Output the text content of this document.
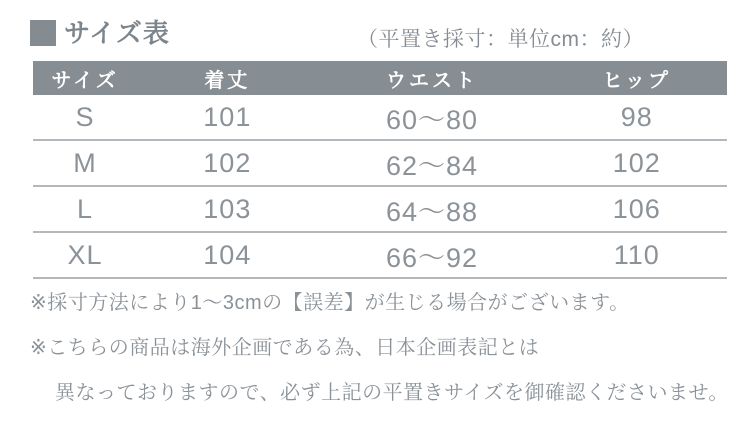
サイズ表	（平置き採寸：単位cm：約）
サイズ	着丈	ウエスト	ヒップ
S	101	60〜80	98
M	102	62〜84	102
L	103	64〜88	106
XL	104	66〜92	110

※採寸方法により1〜3cmの【誤差】が生じる場合がございます。

※こちらの商品は海外企画である為、日本企画表記とは

異なっておりますので、必ず上記の平置きサイズを御確認くださいませ。
